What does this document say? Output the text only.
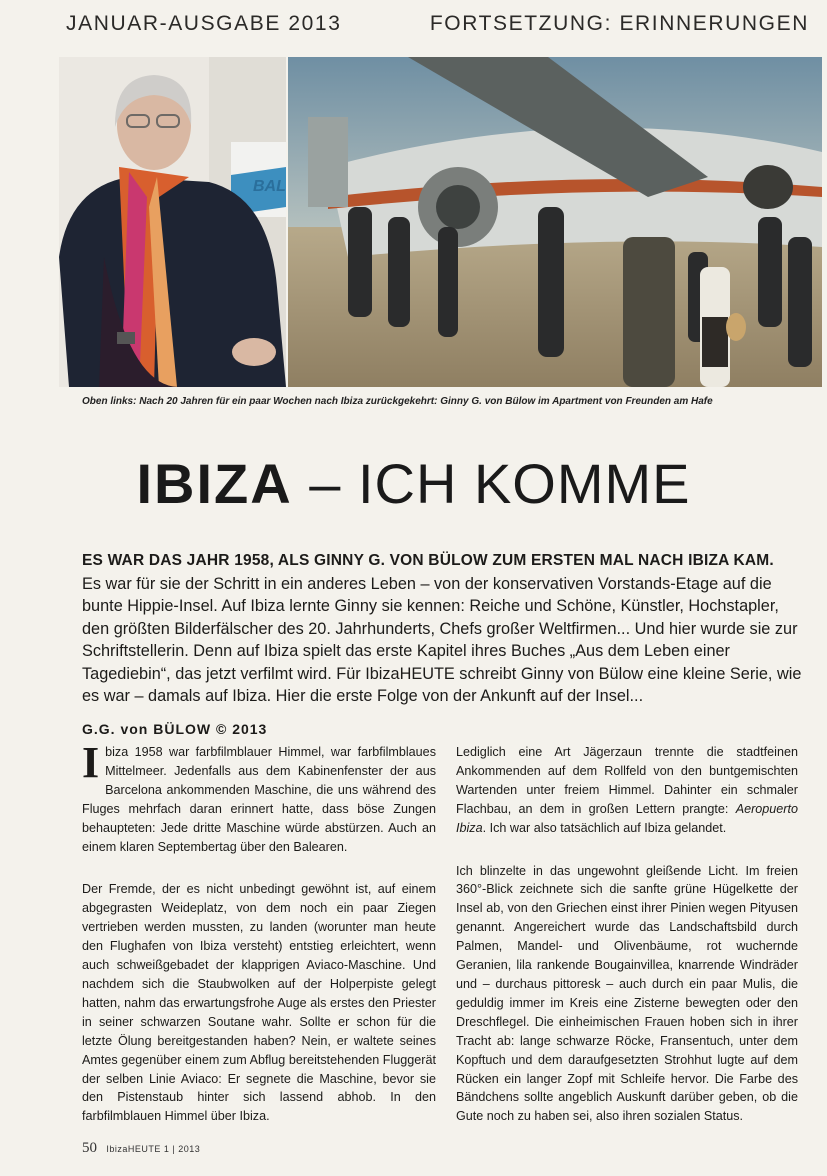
JANUAR-AUSGABE 2013	FORTSETZUNG: ERINNERUNGEN
BAL
Oben links: Nach 20 Jahren für ein paar Wochen nach Ibiza zurückgekehrt: Ginny G. von Bülow im Apartment von Freunden am Hafe
IBIZA – ICH KOMME
ES WAR DAS JAHR 1958, ALS GINNY G. VON BÜLOW ZUM ERSTEN MAL NACH IBIZA KAM.
Es war für sie der Schritt in ein anderes Leben – von der konservativen Vorstands-Etage auf die bunte Hippie-Insel. Auf Ibiza lernte Ginny sie kennen: Reiche und Schöne, Künstler, Hochstapler, den größten Bilderfälscher des 20. Jahrhunderts, Chefs großer Weltfirmen... Und hier wurde sie zur Schriftstellerin. Denn auf Ibiza spielt das erste Kapitel ihres Buches „Aus dem Leben einer Tagediebin“, das jetzt verfilmt wird. Für IbizaHEUTE schreibt Ginny von Bülow eine kleine Serie, wie es war – damals auf Ibiza. Hier die erste Folge von der Ankunft auf der Insel...
G.G. von BÜLOW © 2013

Ibiza 1958 war farbfilmblauer Himmel, war farbfilmblaues Mittelmeer. Jedenfalls aus dem Kabinenfenster der aus Barcelona ankommenden Maschine, die uns während des Fluges mehrfach daran erinnert hatte, dass böse Zungen behaupteten: Jede dritte Maschine würde abstürzen. Auch an einem klaren Septembertag über den Balearen.

Der Fremde, der es nicht unbedingt gewöhnt ist, auf einem abgegrasten Weideplatz, von dem noch ein paar Ziegen vertrieben werden mussten, zu landen (worunter man heute den Flughafen von Ibiza versteht) entstieg erleichtert, wenn auch schweißgebadet der klapprigen Aviaco-Maschine. Und nachdem sich die Staubwolken auf der Holperpiste gelegt hatten, nahm das erwartungsfrohe Auge als erstes den Priester in seiner schwarzen Soutane wahr. Sollte er schon für die letzte Ölung bereitgestanden haben? Nein, er waltete seines Amtes gegenüber einem zum Abflug bereitstehenden Fluggerät der selben Linie Aviaco: Er segnete die Maschine, bevor sie den Pistenstaub hinter sich lassend abhob. In den farbfilmblauen Himmel über Ibiza.

Lediglich eine Art Jägerzaun trennte die stadtfeinen Ankommenden auf dem Rollfeld von den buntgemischten Wartenden unter freiem Himmel. Dahinter ein schmaler Flachbau, an dem in großen Lettern prangte: Aeropuerto Ibiza. Ich war also tatsächlich auf Ibiza gelandet.

Ich blinzelte in das ungewohnt gleißende Licht. Im freien 360°-Blick zeichnete sich die sanfte grüne Hügelkette der Insel ab, von den Griechen einst ihrer Pinien wegen Pityusen genannt. Angereichert wurde das Landschaftsbild durch Palmen, Mandel- und Olivenbäume, rot wuchernde Geranien, lila rankende Bougainvillea, knarrende Windräder und – durchaus pittoresk – auch durch ein paar Mulis, die geduldig immer im Kreis eine Zisterne bewegten oder den Dreschflegel. Die einheimischen Frauen hoben sich in ihrer Tracht ab: lange schwarze Röcke, Fransentuch, unter dem Kopftuch und dem daraufgesetzten Strohhut lugte auf dem Rücken ein langer Zopf mit Schleife hervor. Die Farbe des Bändchens sollte angeblich Auskunft darüber geben, ob die Gute noch zu haben sei, also ihren sozialen Status.

50 IbizaHEUTE 1 | 2013
